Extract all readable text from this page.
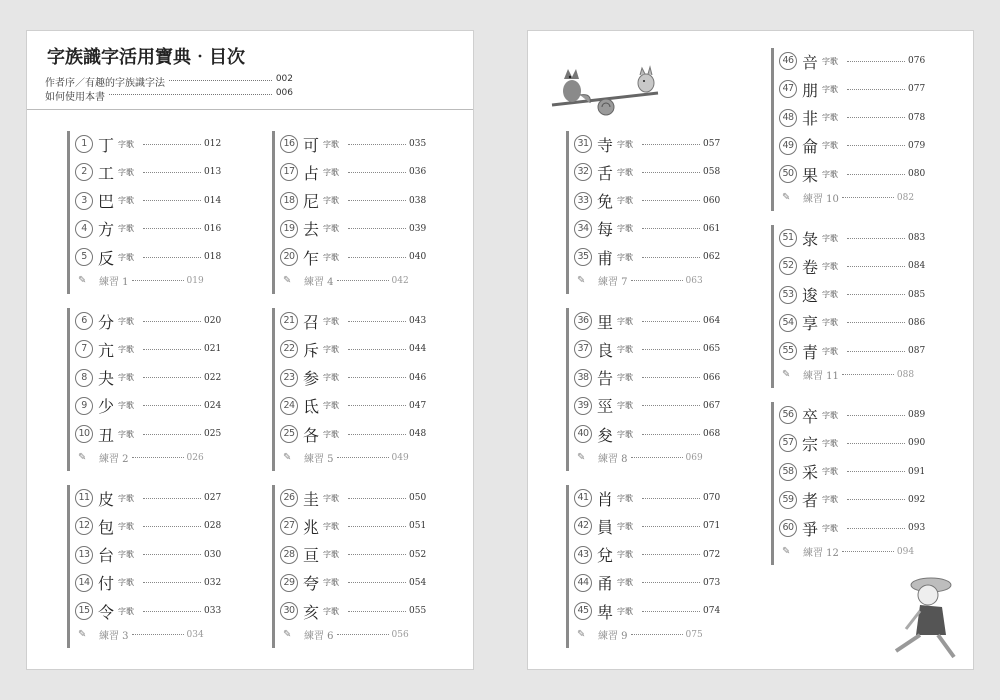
字族識字活用寶典‧目次
作者序／有趣的字族識字法	002
如何使用本書	006
1 丁 字歌	012
2 工 字歌	013
3 巴 字歌	014
4 方 字歌	016
5 反 字歌	018
✎	練習 1	019
6 分 字歌	020
7 亢 字歌	021
8 夬 字歌	022
9 少 字歌	024
10 丑 字歌	025
✎	練習 2	026
11 皮 字歌	027
12 包 字歌	028
13 台 字歌	030
14 付 字歌	032
15 令 字歌	033
✎	練習 3	034
16 可 字歌	035
17 占 字歌	036
18 尼 字歌	038
19 去 字歌	039
20 乍 字歌	040
✎	練習 4	042
21 召 字歌	043
22 斥 字歌	044
23 参 字歌	046
24 氐 字歌	047
25 各 字歌	048
✎	練習 5	049
26 圭 字歌	050
27 兆 字歌	051
28 亘 字歌	052
29 夸 字歌	054
30 亥 字歌	055
✎	練習 6	056
31 寺 字歌	057
32 舌 字歌	058
33 免 字歌	060
34 每 字歌	061
35 甫 字歌	062
✎	練習 7	063
36 里 字歌	064
37 良 字歌	065
38 告 字歌	066
39 巠 字歌	067
40 夋 字歌	068
✎	練習 8	069
41 肖 字歌	070
42 員 字歌	071
43 兌 字歌	072
44 甬 字歌	073
45 卑 字歌	074
✎	練習 9	075
46 咅 字歌	076
47 朋 字歌	077
48 非 字歌	078
49 侖 字歌	079
50 果 字歌	080
✎	練習 10	082
51 彔 字歌	083
52 卷 字歌	084
53 逡 字歌	085
54 享 字歌	086
55 青 字歌	087
✎	練習 11	088
56 卒 字歌	089
57 宗 字歌	090
58 采 字歌	091
59 者 字歌	092
60 爭 字歌	093
✎	練習 12	094
